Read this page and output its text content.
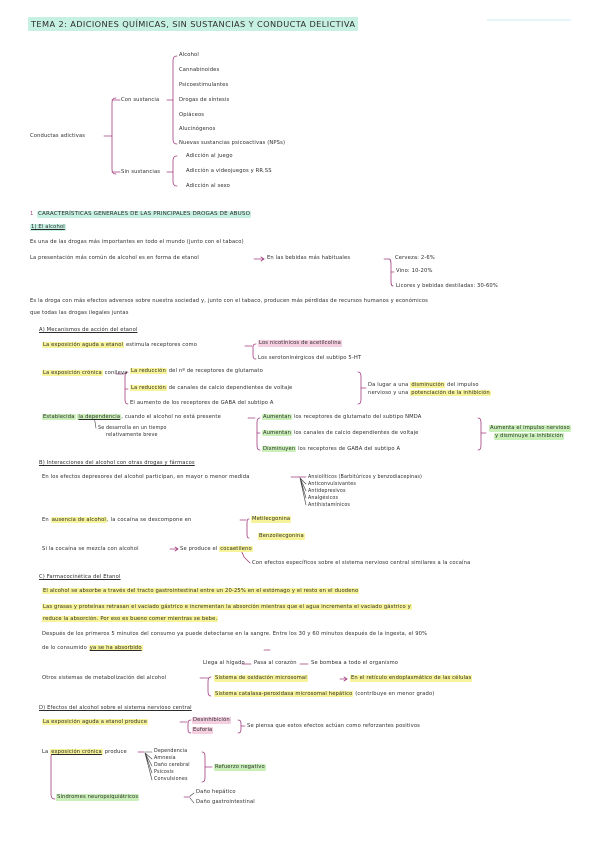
TEMA 2: ADICIONES QUÍMICAS, SIN SUSTANCIAS Y CONDUCTA DELICTIVA
Conductas adictivas
Con sustancia
Alcohol
Cannabinoides
Psicoestimulantes
Drogas de síntesis
Opiáceos
Alucinógenos
Nuevas sustancias psicoactivas (NPSs)
Sin sustancias
Adicción al juego
Adicción a videojuegos y RR.SS
Adicción al sexo
1 CARACTERÍSTICAS GENERALES DE LAS PRINCIPALES DROGAS DE ABUSO
1) El alcohol
Es una de las drogas más importantes en todo el mundo (junto con el tabaco)
La presentación más común de alcohol es en forma de etanol	En las bebidas más habituales	Cerveza: 2-6%
Vino: 10-20%
Licores y bebidas destiladas: 30-60%
Es la droga con más efectos adversos sobre nuestra sociedad y, junto con el tabaco, producen más pérdidas de recursos humanos y económicos
que todas las drogas ilegales juntas
A) Mecanismos de acción del etanol
La exposición aguda a etanol estimula receptores como	Los nicotínicos de acetilcolina
Los serotoninérgicos del subtipo 5-HT
La exposición crónica conlleva La reducción del nº de receptores de glutamato
La reducción de canales de calcio dependientes de voltaje
El aumento de los receptores de GABA del subtipo A
Da lugar a una disminución del impulso
nervioso y una potenciación de la inhibición
Establecida la dependencia, cuando el alcohol no está presente
Se desarrolla en un tiempo
relativamente breve
Aumentan los receptores de glutamato del subtipo NMDA
Aumentan los canales de calcio dependientes de voltaje
Disminuyen los receptores de GABA del subtipo A
Aumenta el impulso nervioso
y disminuye la inhibición
B) Interacciones del alcohol con otras drogas y fármacos
En los efectos depresores del alcohol participan, en mayor o menor medida	Ansiolíticos (Barbitúricos y benzodiacepinas)
Anticonvulsivantes
Antidepresivos
Analgésicos
Antihistamínicos
En ausencia de alcohol, la cocaína se descompone en	Metilecgonina
Benzoilecgonina
Si la cocaína se mezcla con alcohol	Se produce el cocaetileno
Con efectos específicos sobre el sistema nervioso central similares a la cocaína
C) Farmacocinética del Etanol
El alcohol se absorbe a través del tracto gastrointestinal entre un 20-25% en el estómago y el resto en el duodeno
Las grasas y proteínas retrasan el vaciado gástrico e incrementan la absorción mientras que el agua incrementa el vaciado gástrico y
reduce la absorción. Por eso es bueno comer mientras se bebe.
Después de los primeros 5 minutos del consumo ya puede detectarse en la sangre. Entre los 30 y 60 minutos después de la ingesta, el 90%
de lo consumido ya se ha absorbido
Llega al hígado Pasa al corazón	Se bombea a todo el organismo
Otros sistemas de metabolización del alcohol	Sistema de oxidación microsomal	En el retículo endoplasmático de las células
Sistema catalasa-peroxidasa microsomal hepático (contribuye en menor grado)
D) Efectos del alcohol sobre el sistema nervioso central
La exposición aguda a etanol produce	Desinhibición
Euforia
Se piensa que estos efectos actúan como reforzantes positivos
La exposición crónica produce	Dependencia
Amnesia
Daño cerebral
Psicosis
Convulsiones
Refuerzo negativo
Síndromes neuropsiquiátricos
Daño hepático
Daño gastrointestinal
